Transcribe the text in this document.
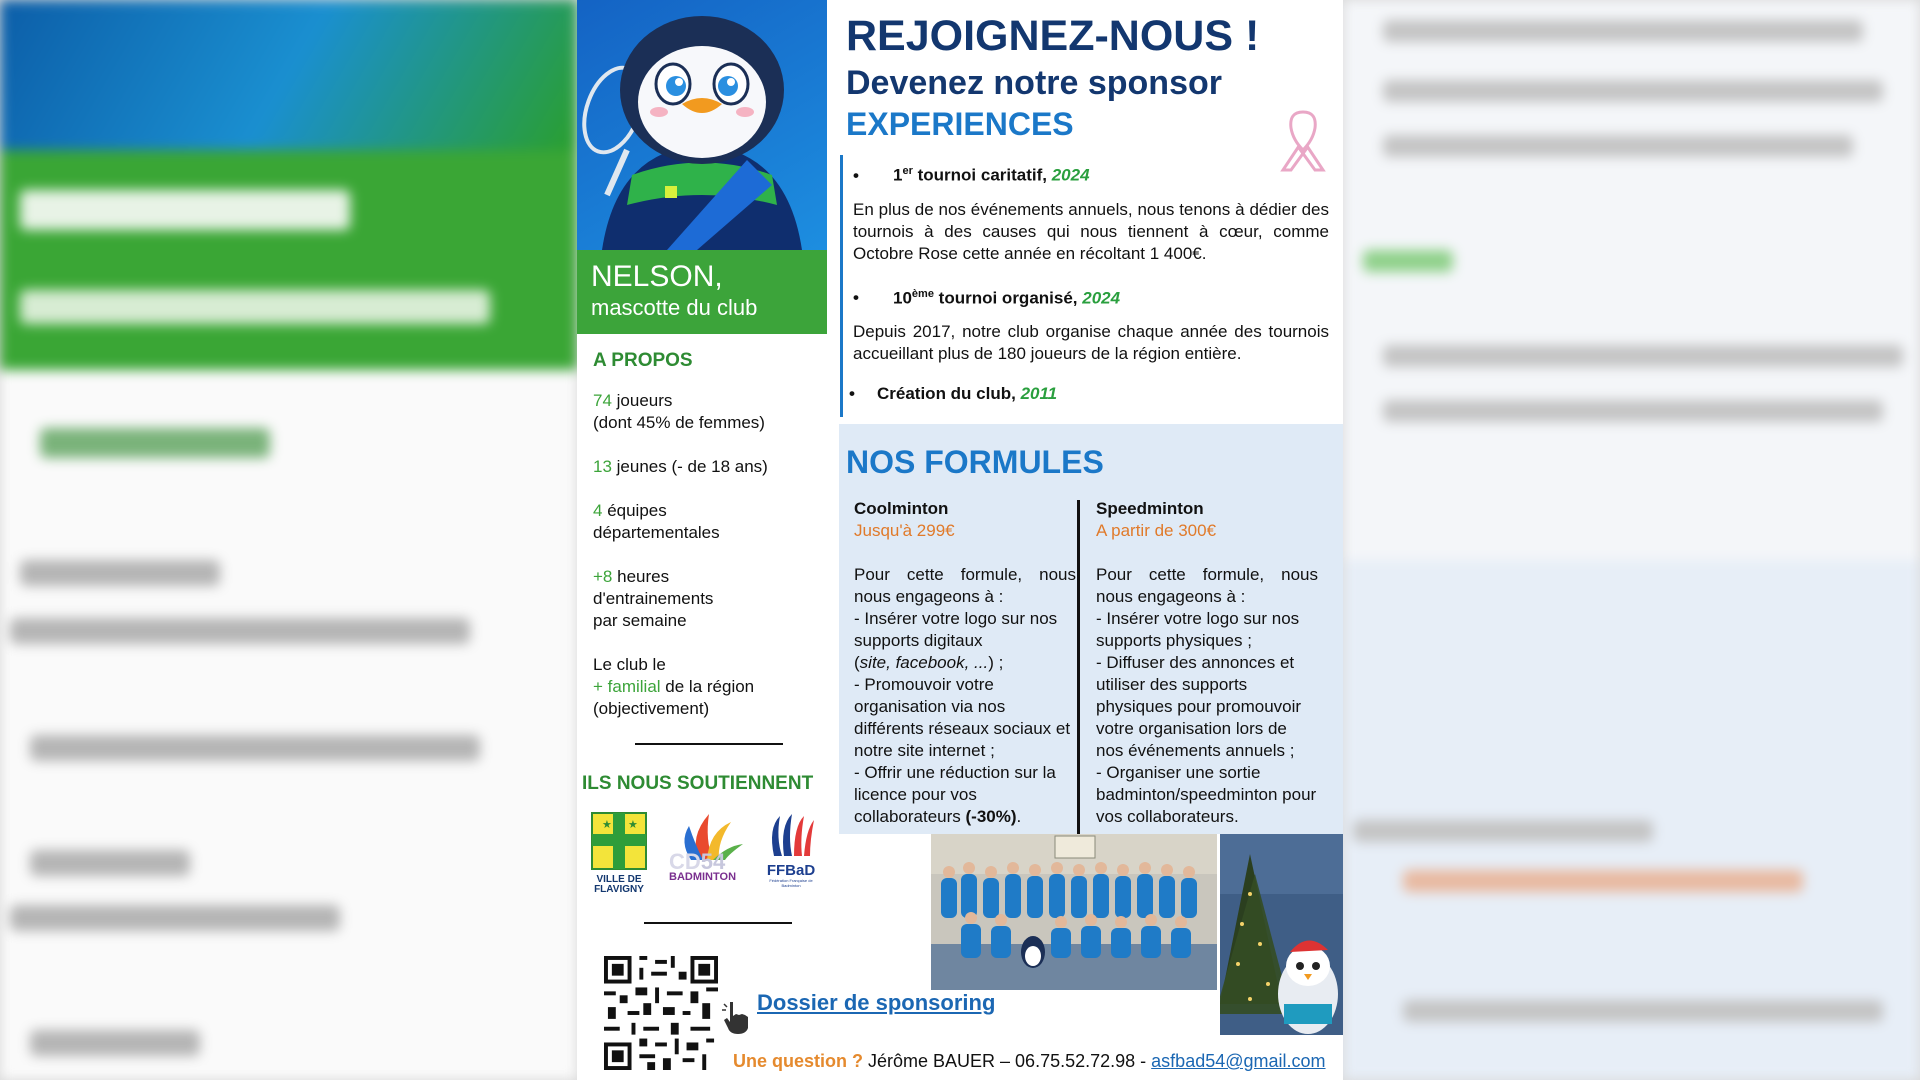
NELSON,
mascotte du club
A PROPOS
74 joueurs
(dont 45% de femmes)
13 jeunes (- de 18 ans)
4 équipes
départementales
+8 heures
d'entrainements
par semaine
Le club le
+ familial de la région
(objectivement)
ILS NOUS SOUTIENNENT
★ ★
VILLE DE
FLAVIGNY
CD54
BADMINTON	FFBaD
Fédération Française de Badminton
Dossier de sponsoring
Une question ? Jérôme BAUER – 06.75.52.72.98 - asfbad54@gmail.com
REJOIGNEZ-NOUS !
Devenez notre sponsor
EXPERIENCES
• 1er tournoi caritatif, 2024

En plus de nos événements annuels, nous tenons à dédier des tournois à des causes qui nous tiennent à cœur, comme Octobre Rose cette année en récoltant 1 400€.

• 10ème tournoi organisé, 2024

Depuis 2017, notre club organise chaque année des tournois accueillant plus de 180 joueurs de la région entière.

• Création du club, 2011
NOS FORMULES
Coolminton
Jusqu'à 299€
Pour cette formule, nous nous engageons à :
- Insérer votre logo sur nos supports digitaux
(site, facebook, ...) ;
- Promouvoir votre organisation via nos différents réseaux sociaux et notre site internet ;
- Offrir une réduction sur la licence pour vos collaborateurs (-30%).
Speedminton
A partir de 300€
Pour cette formule, nous nous engageons à :
- Insérer votre logo sur nos supports physiques ;
- Diffuser des annonces et utiliser des supports physiques pour promouvoir votre organisation lors de nos événements annuels ;
- Organiser une sortie badminton/speedminton pour vos collaborateurs.
